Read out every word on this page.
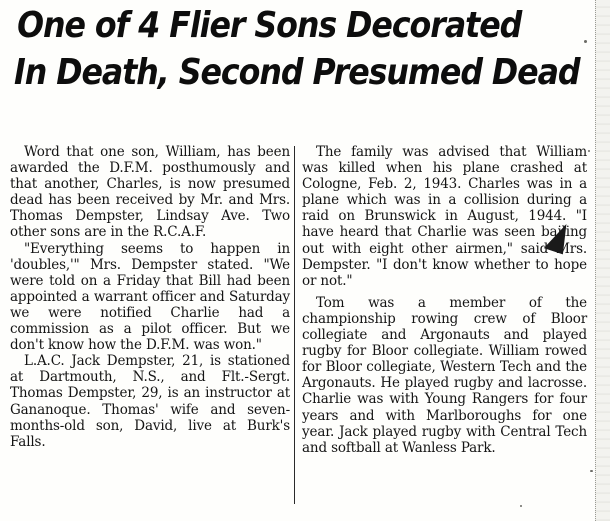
One of 4 Flier Sons Decorated
In Death, Second Presumed Dead

Word that one son, William, has been awarded the D.F.M. posthumously and that another, Charles, is now presumed dead has been received by Mr. and Mrs. Thomas Dempster, Lindsay Ave. Two other sons are in the R.C.A.F.

"Everything seems to happen in 'doubles,'" Mrs. Dempster stated. "We were told on a Friday that Bill had been appointed a warrant officer and Saturday we were notified Charlie had a commission as a pilot officer. But we don't know how the D.F.M. was won."

L.A.C. Jack Dempster, 21, is stationed at Dartmouth, N.S., and Flt.-Sergt. Thomas Dempster, 29, is an instructor at Gananoque. Thomas' wife and seven-months-old son, David, live at Burk's Falls.

The family was advised that William was killed when his plane crashed at Cologne, Feb. 2, 1943. Charles was in a plane which was in a collision during a raid on Brunswick in August, 1944. "I have heard that Charlie was seen bailing out with eight other airmen," said Mrs. Dempster. "I don't know whether to hope or not."

Tom was a member of the championship rowing crew of Bloor collegiate and Argonauts and played rugby for Bloor collegiate. William rowed for Bloor collegiate, Western Tech and the Argonauts. He played rugby and lacrosse. Charlie was with Young Rangers for four years and with Marlboroughs for one year. Jack played rugby with Central Tech and softball at Wanless Park.
